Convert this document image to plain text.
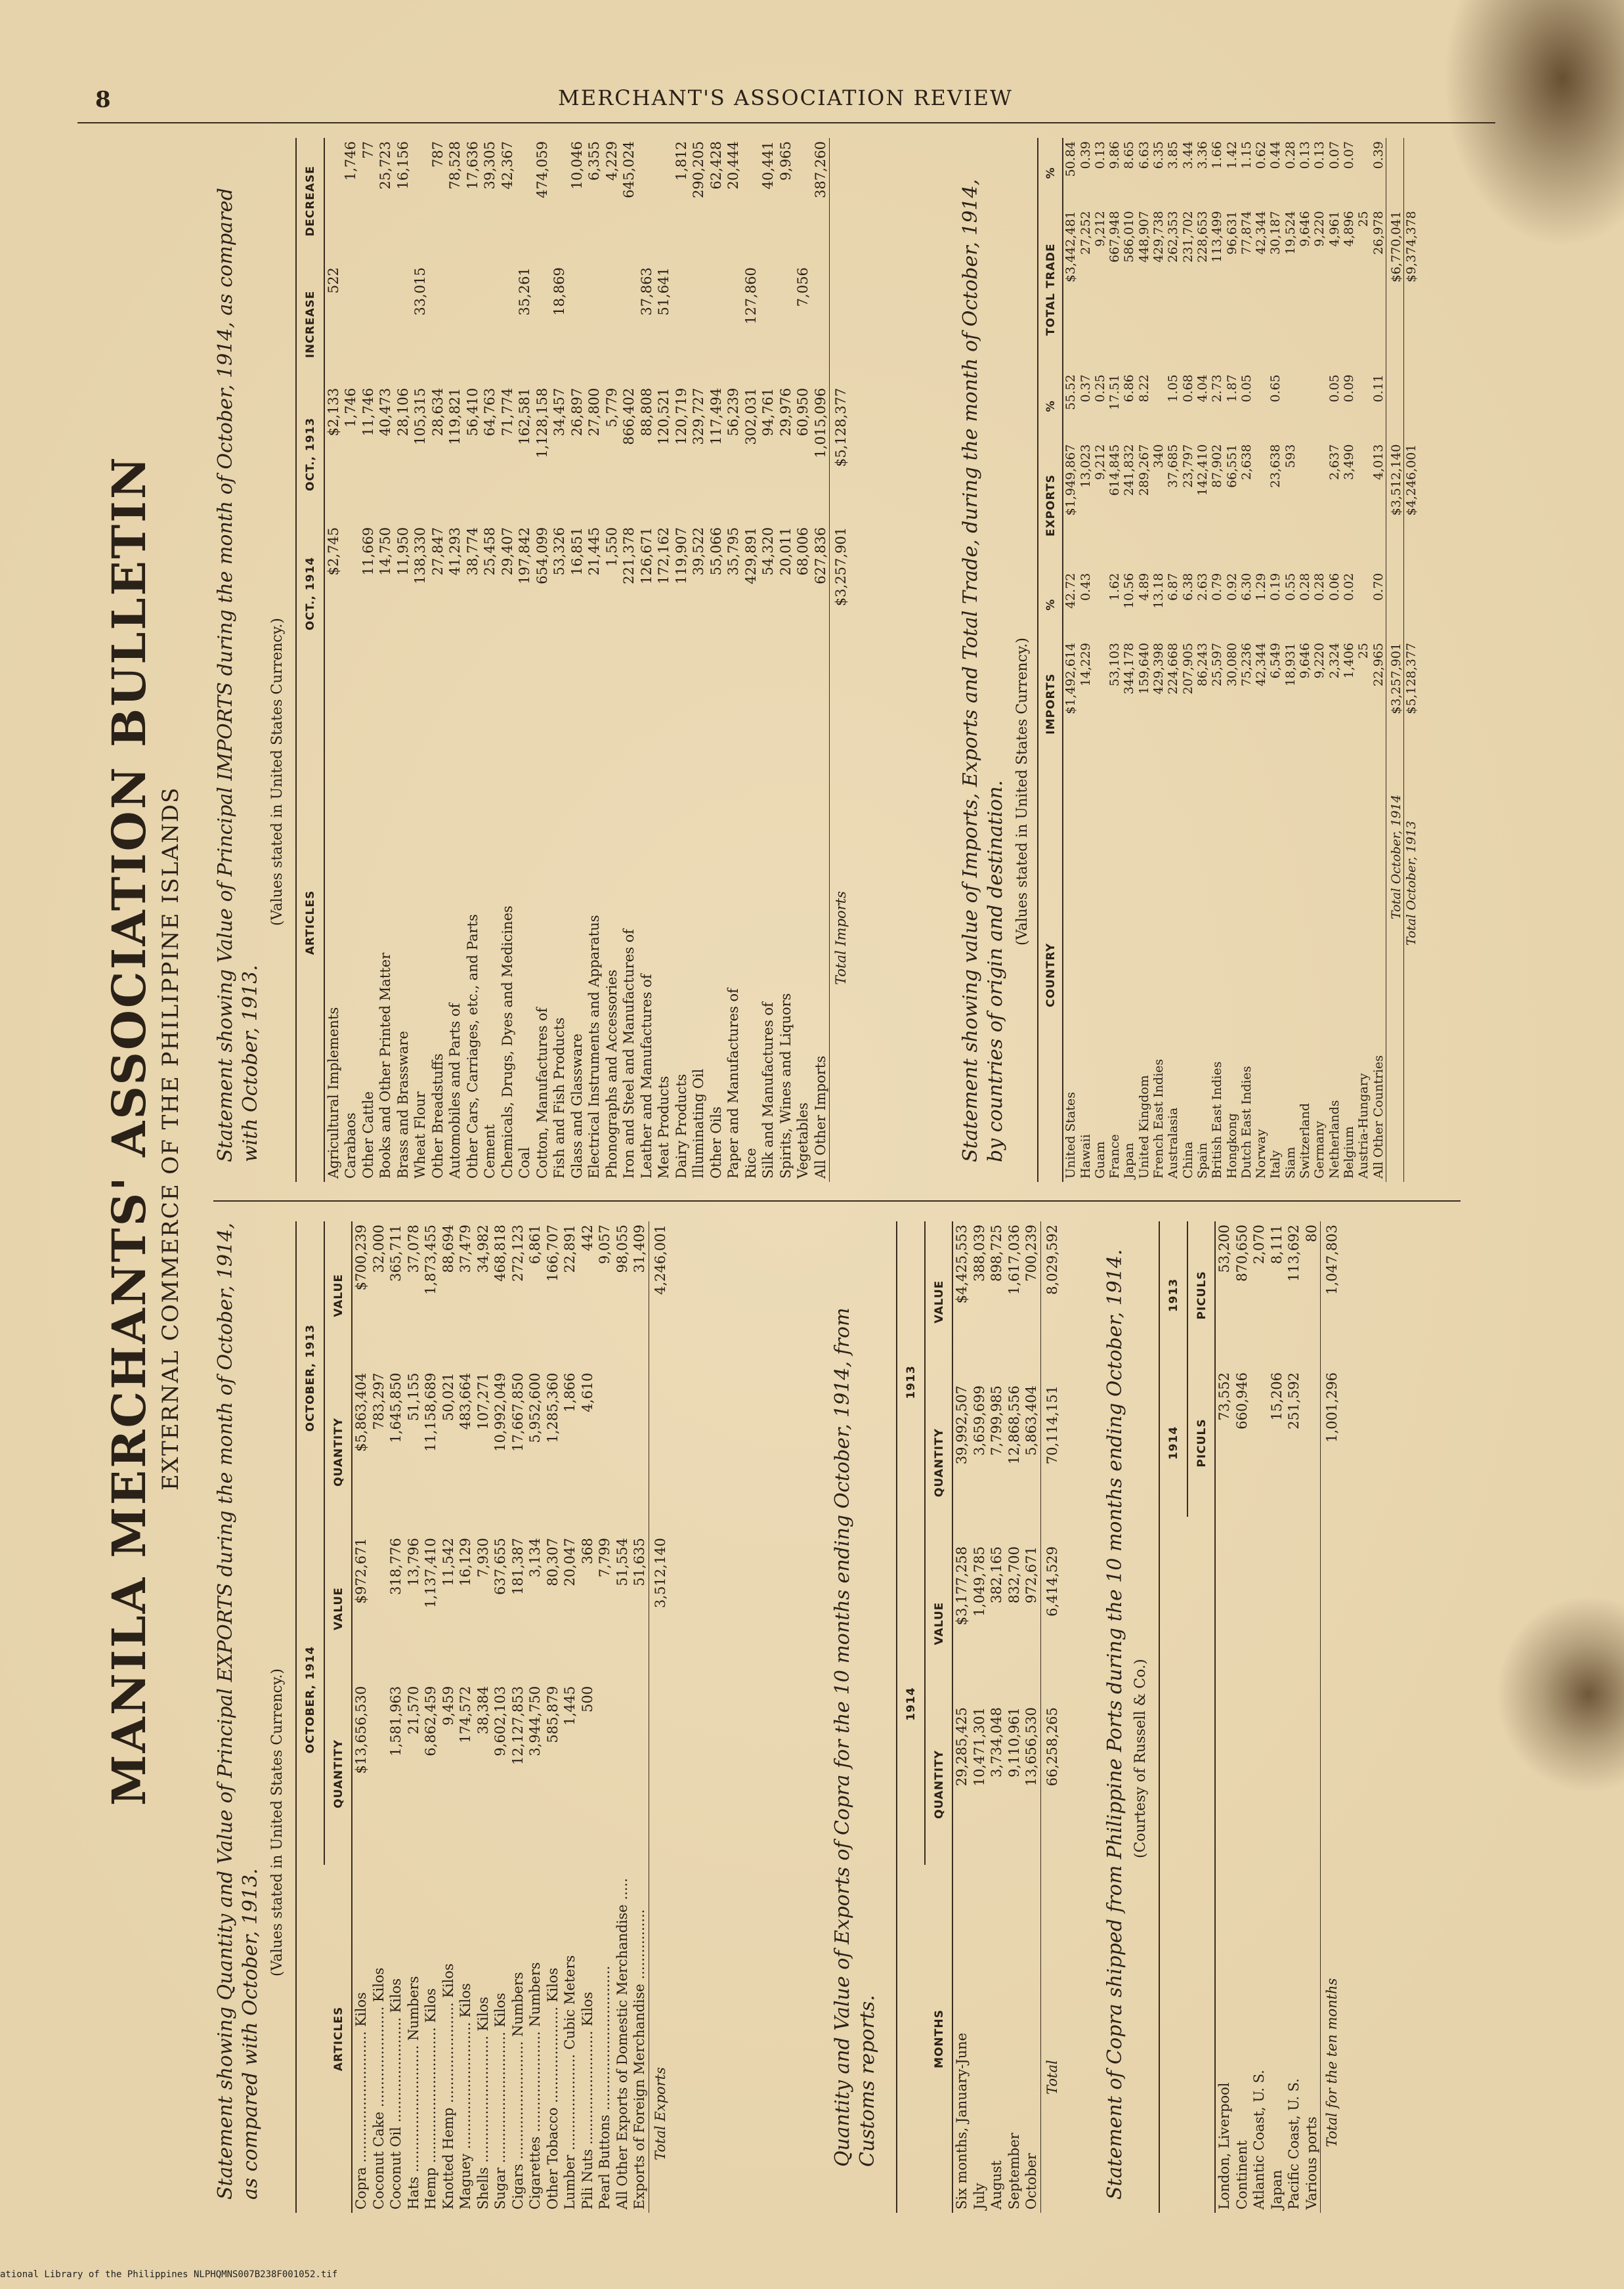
8	MERCHANT'S ASSOCIATION REVIEW
MANILA MERCHANTS' ASSOCIATION BULLETIN EXTERNAL COMMERCE OF THE PHILIPPINE ISLANDS
Statement showing Quantity and Value of Principal EXPORTS during the month of October, 1914, as compared with October, 1913.
(Values stated in United States Currency.)
ARTICLES	OCTOBER, 1914		OCTOBER, 1913	
	QUANTITY	VALUE	QUANTITY	VALUE
Copra .............................. Kilos	$13,656,530	$972,671	$5,863,404	$700,239
Coconut Cake ....................... Kilos			783,297	32,000
Coconut Oil ........................ Kilos	1,581,963	318,776	1,645,850	365,711
Hats ............................. Numbers	21,570	13,796	51,155	37,078
Hemp ............................... Kilos	6,862,459	1,137,410	11,158,689	1,873,455
Knotted Hemp ....................... Kilos	9,459	11,542	50,021	88,694
Maguey ............................. Kilos	174,572	16,129	483,664	37,479
Shells ............................. Kilos	38,384	7,930	107,271	34,982
Sugar .............................. Kilos	9,602,103	637,655	10,992,049	468,818
Cigars ........................... Numbers	12,127,853	181,387	17,667,850	272,123
Cigarettes ....................... Numbers	3,944,750	3,134	5,952,600	6,861
Other Tobacco ...................... Kilos	585,879	80,307	1,285,360	166,707
Lumber ...................... Cubic Meters	1,445	20,047	1,866	22,891
Pili Nuts .......................... Kilos	500	368	4,610	442
Pearl Buttons .................................		7,799		9,057
All Other Exports of Domestic Merchandise .....		51,554		98,055
Exports of Foreign Merchandise ................		51,635		31,409
Total Exports		3,512,140		4,246,001
Quantity and Value of Exports of Copra for the 10 months ending October, 1914, from Customs reports.	MONTHS	1914		1913	
	QUANTITY	VALUE	QUANTITY	VALUE
Six months, January-June	29,285,425	$3,177,258	39,992,507	$4,425,553
July	10,471,301	1,049,785	3,659,699	388,039
August	3,734,048	382,165	7,799,985	898,725
September	9,110,961	832,700	12,868,556	1,617,036
October	13,656,530	972,671	5,863,404	700,239
Total	66,258,265	6,414,529	70,114,151	8,029,592 Statement of Copra shipped from Philippine Ports during the 10 months ending October, 1914. (Courtesy of Russell & Co.)
	1914	1913
	PICULS	PICULS
London, Liverpool	73,552	53,200
Continent	660,946	870,650
Atlantic Coast, U. S.		2,070
Japan	15,206	8,111
Pacific Coast, U. S.	251,592	113,692
Various ports		80
Total for the ten months	1,001,296	1,047,803
Statement showing Value of Principal IMPORTS during the month of October, 1914, as compared with October, 1913.
(Values stated in United States Currency.) ARTICLES	OCT., 1914	OCT., 1913	INCREASE	DECREASE
Agricultural Implements	$2,745	$2,133	522	
Carabaos		1,746		1,746
Other Cattle	11,669	11,746		77
Books and Other Printed Matter	14,750	40,473		25,723
Brass and Brassware	11,950	28,106		16,156
Wheat Flour	138,330	105,315	33,015	
Other Breadstuffs	27,847	28,634		787
Automobiles and Parts of	41,293	119,821		78,528
Other Cars, Carriages, etc., and Parts	38,774	56,410		17,636
Cement	25,458	64,763		39,305
Chemicals, Drugs, Dyes and Medicines	29,407	71,774		42,367
Coal	197,842	162,581	35,261	
Cotton, Manufactures of	654,099	1,128,158		474,059
Fish and Fish Products	53,326	34,457	18,869	
Glass and Glassware	16,851	26,897		10,046
Electrical Instruments and Apparatus	21,445	27,800		6,355
Phonographs and Accessories	1,550	5,779		4,229
Iron and Steel and Manufactures of	221,378	866,402		645,024
Leather and Manufactures of	126,671	88,808	37,863	
Meat Products	172,162	120,521	51,641	
Dairy Products	119,907	120,719		1,812
Illuminating Oil	39,522	329,727		290,205
Other Oils	55,066	117,494		62,428
Paper and Manufactures of	35,795	56,239		20,444
Rice	429,891	302,031	127,860	
Silk and Manufactures of	54,320	94,761		40,441
Spirits, Wines and Liquors	20,011	29,976		9,965
Vegetables	68,006	60,950	7,056	
All Other Imports	627,836	1,015,096		387,260
Total Imports	$3,257,901	$5,128,377			Statement showing value of Imports, Exports and Total Trade, during the month of October, 1914, by countries of origin and destination. (Values stated in United States Currency.)
COUNTRY	IMPORTS	%	EXPORTS	%	TOTAL TRADE	%
United States	$1,492,614	42.72	$1,949,867	55.52	$3,442,481	50.84
Hawaii	14,229	0.43	13,023	0.37	27,252	0.39
Guam			9,212	0.25	9,212	0.13
France	53,103	1.62	614,845	17.51	667,948	9.86
Japan	344,178	10.56	241,832	6.86	586,010	8.65
United Kingdom	159,640	4.89	289,267	8.22	448,907	6.63
French East Indies	429,398	13.18	340		429,738	6.35
Australasia	224,668	6.87	37,685	1.05	262,353	3.85
China	207,905	6.38	23,797	0.68	231,702	3.44
Spain	86,243	2.63	142,410	4.04	228,653	3.36
British East Indies	25,597	0.79	87,902	2.73	113,499	1.66
Hongkong	30,080	0.92	66,551	1.87	96,631	1.42
Dutch East Indies	75,236	6.30	2,638	0.05	77,874	1.15
Norway	42,344	1.29			42,344	0.62
Italy	6,549	0.19	23,638	0.65	30,187	0.44
Siam	18,931	0.55	593		19,524	0.28
Switzerland	9,646	0.28			9,646	0.13
Germany	9,220	0.28			9,220	0.13
Netherlands	2,324	0.06	2,637	0.05	4,961	0.07
Belgium	1,406	0.02	3,490	0.09	4,896	0.07
Austria-Hungary	25				25	
All Other Countries	22,965	0.70	4,013	0.11	26,978	0.39
Total October, 1914	$3,257,901		$3,512,140		$6,770,041	
Total October, 1913	$5,128,377		$4,246,001		$9,374,378	
ational Library of the Philippines NLPHQMNS007B238F001052.tif
